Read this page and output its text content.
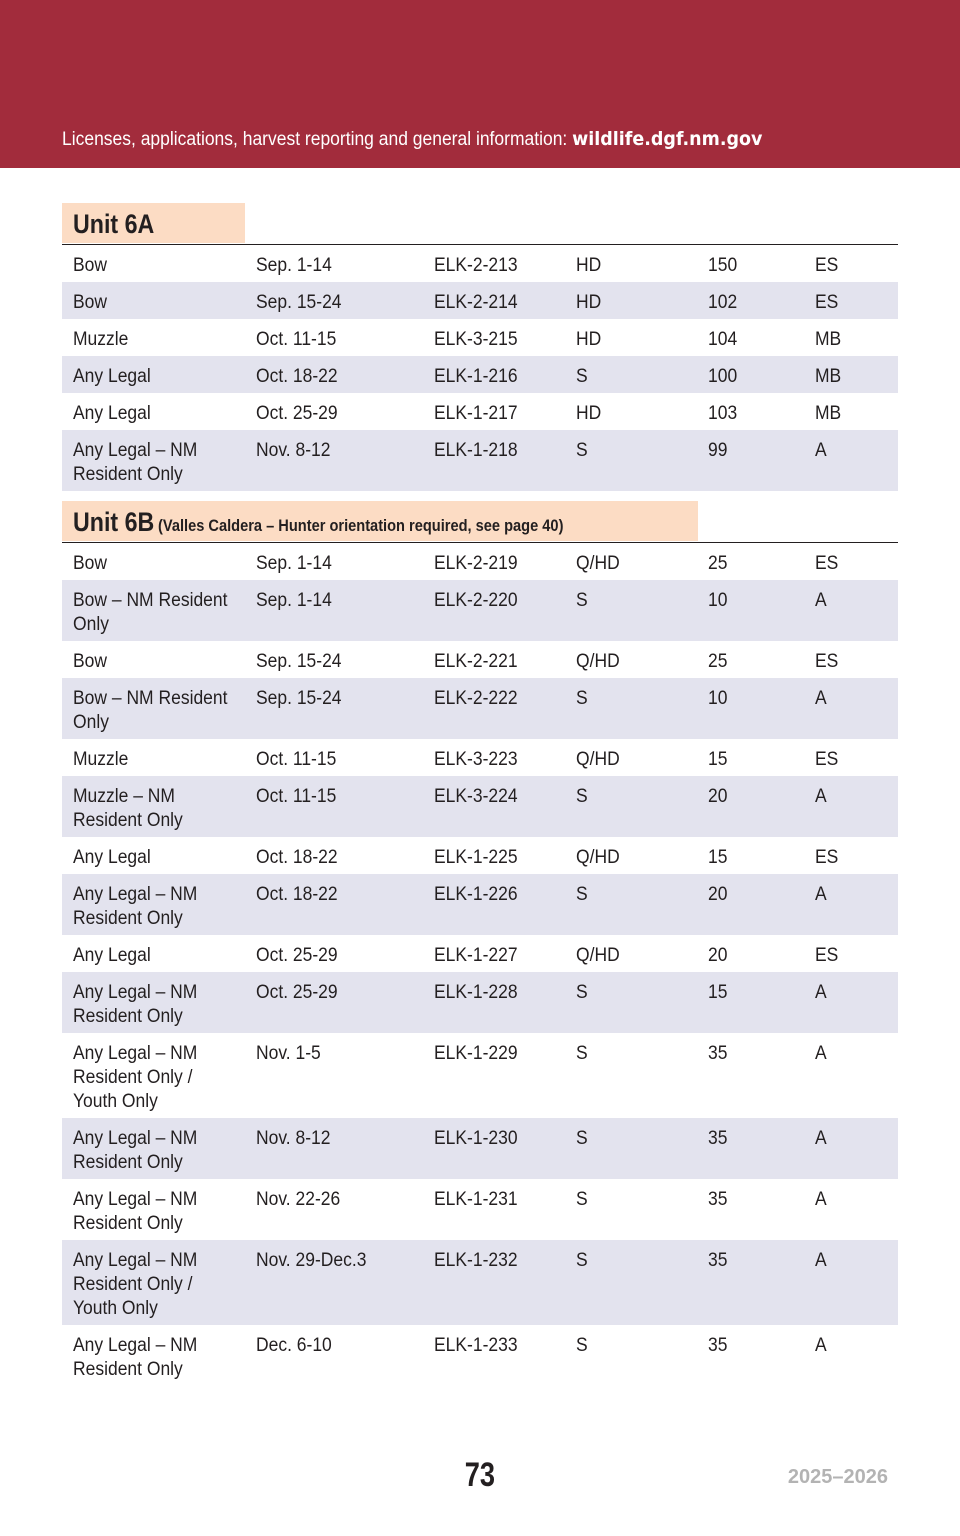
Licenses, applications, harvest reporting and general information: wildlife.dgf.nm.gov
Unit 6A
Bow	Sep. 1-14	ELK-2-213	HD	150	ES
Bow	Sep. 15-24	ELK-2-214	HD	102	ES
Muzzle	Oct. 11-15	ELK-3-215	HD	104	MB
Any Legal	Oct. 18-22	ELK-1-216	S	100	MB
Any Legal	Oct. 25-29	ELK-1-217	HD	103	MB
Any Legal – NM Resident Only	Nov. 8-12	ELK-1-218	S	99	A
Unit 6B (Valles Caldera – Hunter orientation required, see page 40)
Bow	Sep. 1-14	ELK-2-219	Q/HD	25	ES
Bow – NM Resident Only	Sep. 1-14	ELK-2-220	S	10	A
Bow	Sep. 15-24	ELK-2-221	Q/HD	25	ES
Bow – NM Resident Only	Sep. 15-24	ELK-2-222	S	10	A
Muzzle	Oct. 11-15	ELK-3-223	Q/HD	15	ES
Muzzle – NM Resident Only	Oct. 11-15	ELK-3-224	S	20	A
Any Legal	Oct. 18-22	ELK-1-225	Q/HD	15	ES
Any Legal – NM Resident Only	Oct. 18-22	ELK-1-226	S	20	A
Any Legal	Oct. 25-29	ELK-1-227	Q/HD	20	ES
Any Legal – NM Resident Only	Oct. 25-29	ELK-1-228	S	15	A
Any Legal – NM Resident Only / Youth Only	Nov. 1-5	ELK-1-229	S	35	A
Any Legal – NM Resident Only	Nov. 8-12	ELK-1-230	S	35	A
Any Legal – NM Resident Only	Nov. 22-26	ELK-1-231	S	35	A
Any Legal – NM Resident Only / Youth Only	Nov. 29-Dec.3	ELK-1-232	S	35	A
Any Legal – NM Resident Only	Dec. 6-10	ELK-1-233	S	35	A
73	2025–2026
